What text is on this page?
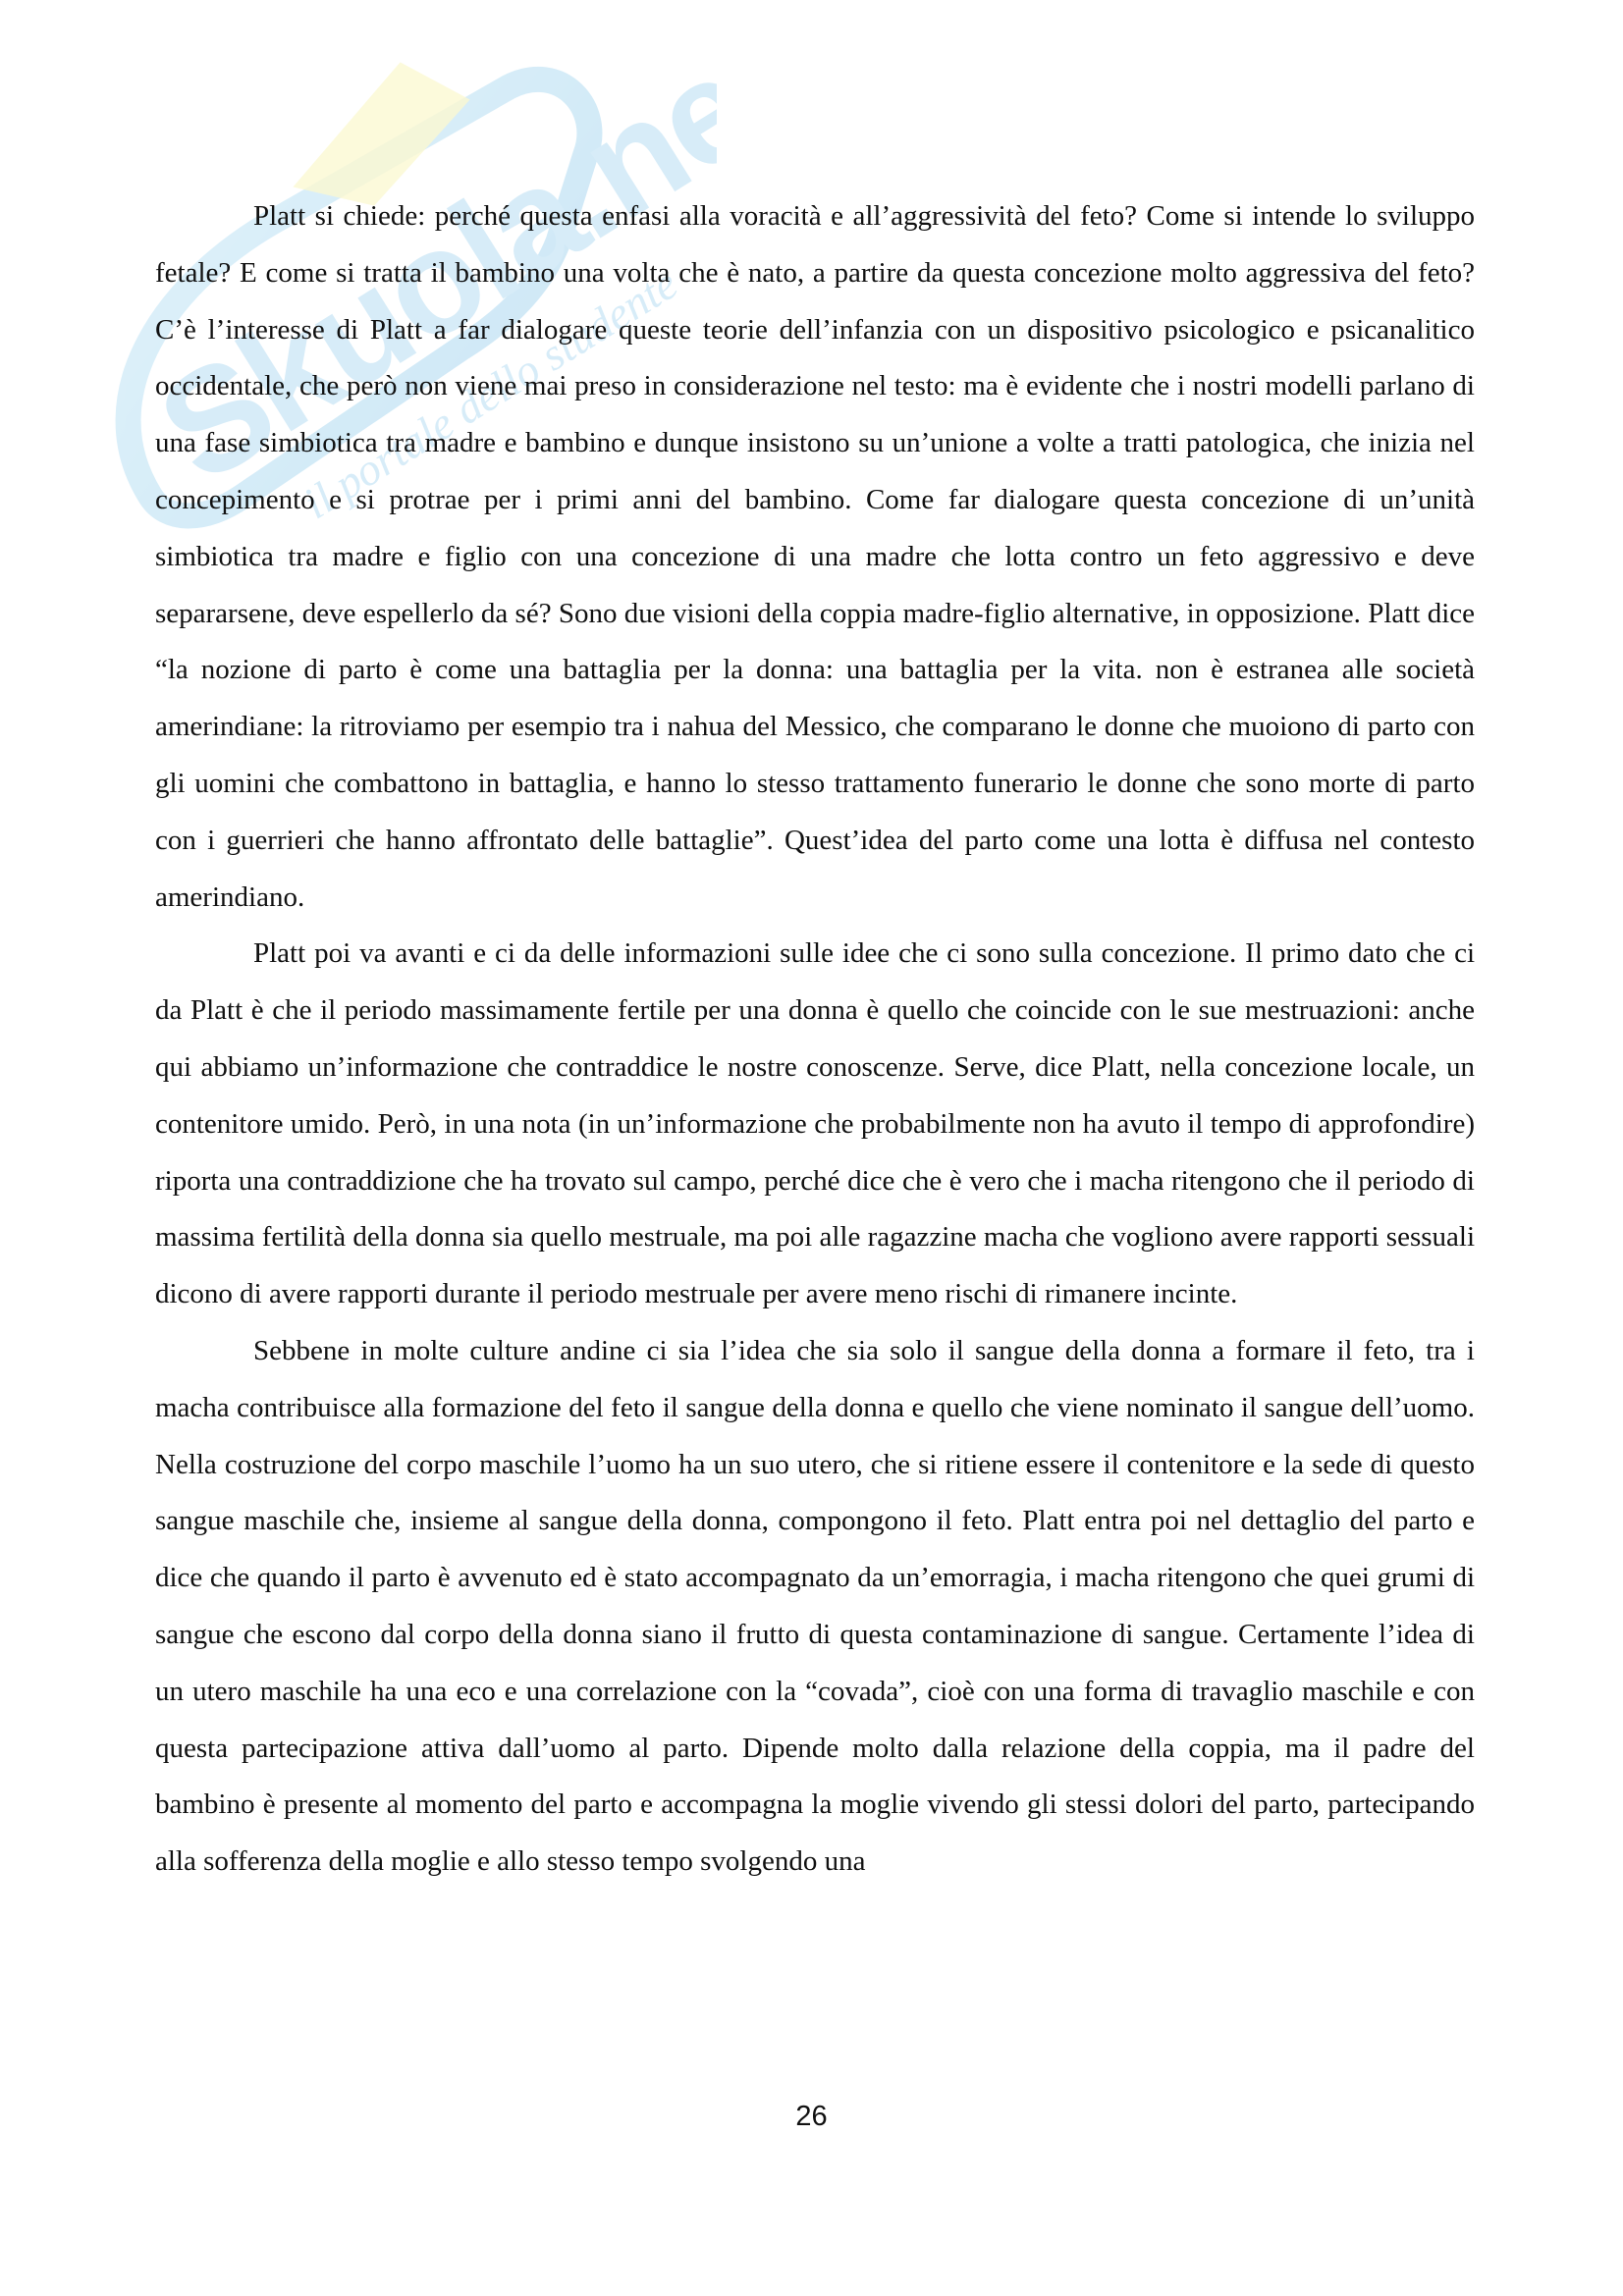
Skuola.net
il portale dello studente

Platt si chiede: perché questa enfasi alla voracità e all’aggressività del feto? Come si intende lo sviluppo fetale? E come si tratta il bambino una volta che è nato, a partire da questa concezione molto aggressiva del feto? C’è l’interesse di Platt a far dialogare queste teorie dell’infanzia con un dispositivo psicologico e psicanalitico occidentale, che però non viene mai preso in considerazione nel testo: ma è evidente che i nostri modelli parlano di una fase simbiotica tra madre e bambino e dunque insistono su un’unione a volte a tratti patologica, che inizia nel concepimento e si protrae per i primi anni del bambino. Come far dialogare questa concezione di un’unità simbiotica tra madre e figlio con una concezione di una madre che lotta contro un feto aggressivo e deve separarsene, deve espellerlo da sé? Sono due visioni della coppia madre-figlio alternative, in opposizione. Platt dice “la nozione di parto è come una battaglia per la donna: una battaglia per la vita. non è estranea alle società amerindiane: la ritroviamo per esempio tra i nahua del Messico, che comparano le donne che muoiono di parto con gli uomini che combattono in battaglia, e hanno lo stesso trattamento funerario le donne che sono morte di parto con i guerrieri che hanno affrontato delle battaglie”. Quest’idea del parto come una lotta è diffusa nel contesto amerindiano.

Platt poi va avanti e ci da delle informazioni sulle idee che ci sono sulla concezione. Il primo dato che ci da Platt è che il periodo massimamente fertile per una donna è quello che coincide con le sue mestruazioni: anche qui abbiamo un’informazione che contraddice le nostre conoscenze. Serve, dice Platt, nella concezione locale, un contenitore umido. Però, in una nota (in un’informazione che probabilmente non ha avuto il tempo di approfondire) riporta una contraddizione che ha trovato sul campo, perché dice che è vero che i macha ritengono che il periodo di massima fertilità della donna sia quello mestruale, ma poi alle ragazzine macha che vogliono avere rapporti sessuali dicono di avere rapporti durante il periodo mestruale per avere meno rischi di rimanere incinte.

Sebbene in molte culture andine ci sia l’idea che sia solo il sangue della donna a formare il feto, tra i macha contribuisce alla formazione del feto il sangue della donna e quello che viene nominato il sangue dell’uomo. Nella costruzione del corpo maschile l’uomo ha un suo utero, che si ritiene essere il contenitore e la sede di questo sangue maschile che, insieme al sangue della donna, compongono il feto. Platt entra poi nel dettaglio del parto e dice che quando il parto è avvenuto ed è stato accompagnato da un’emorragia, i macha ritengono che quei grumi di sangue che escono dal corpo della donna siano il frutto di questa contaminazione di sangue. Certamente l’idea di un utero maschile ha una eco e una correlazione con la “covada”, cioè con una forma di travaglio maschile e con questa partecipazione attiva dall’uomo al parto. Dipende molto dalla relazione della coppia, ma il padre del bambino è presente al momento del parto e accompagna la moglie vivendo gli stessi dolori del parto, partecipando alla sofferenza della moglie e allo stesso tempo svolgendo una

26
